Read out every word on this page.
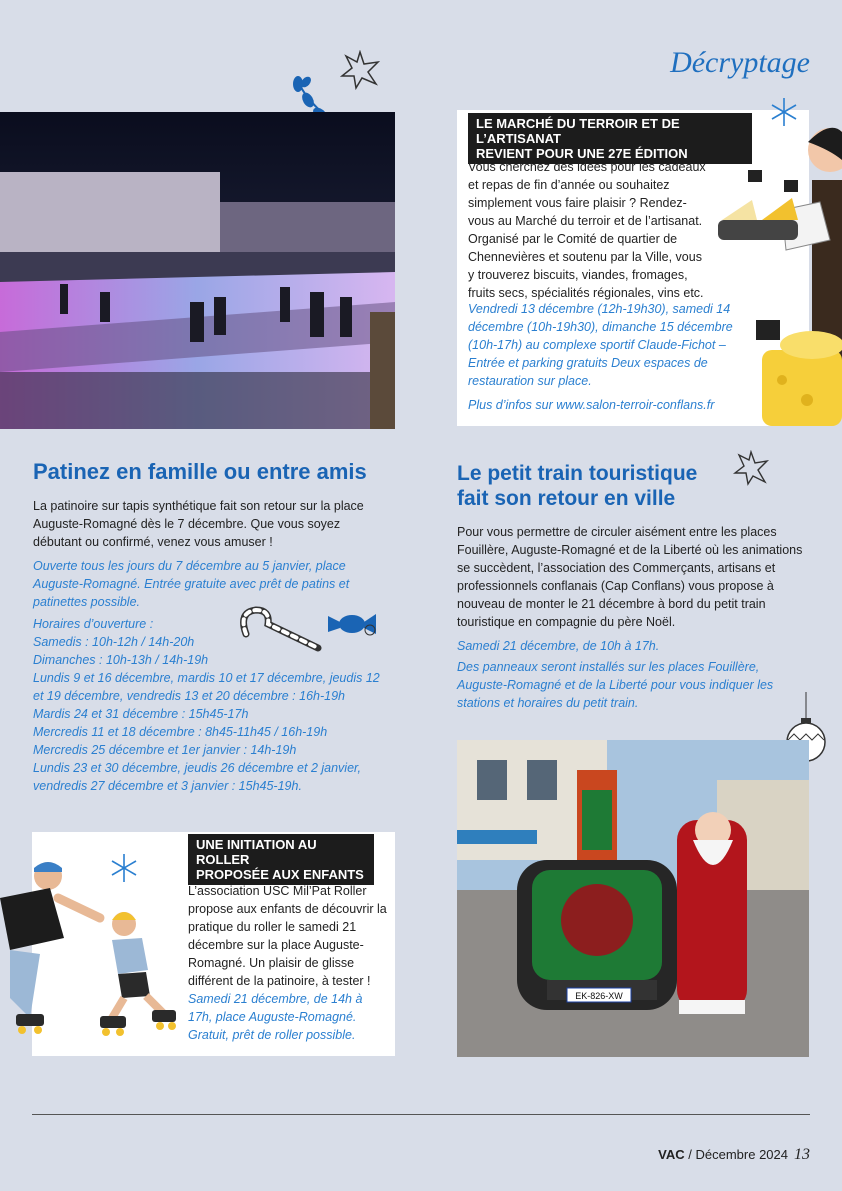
Décryptage
LE MARCHÉ DU TERROIR ET DE L’ARTISANAT
REVIENT POUR UNE 27E ÉDITION
Vous cherchez des idées pour les cadeaux et repas de fin d’année ou souhaitez simplement vous faire plaisir ? Rendez-vous au Marché du terroir et de l’artisanat. Organisé par le Comité de quartier de Chennevières et soutenu par la Ville, vous y trouverez biscuits, viandes, fromages, fruits secs, spécialités régionales, vins etc.
Vendredi 13 décembre (12h-19h30), samedi 14 décembre (10h-19h30), dimanche 15 décembre (10h-17h) au complexe sportif Claude-Fichot – Entrée et parking gratuits Deux espaces de restauration sur place.
Plus d’infos sur www.salon-terroir-conflans.fr
Patinez en famille ou entre amis
La patinoire sur tapis synthétique fait son retour sur la place Auguste-Romagné dès le 7 décembre. Que vous soyez débutant ou confirmé, venez vous amuser !
Ouverte tous les jours du 7 décembre au 5 janvier, place Auguste-Romagné. Entrée gratuite avec prêt de patins et patinettes possible.
Horaires d’ouverture :
Samedis : 10h-12h / 14h-20h
Dimanches : 10h-13h / 14h-19h
Lundis 9 et 16 décembre, mardis 10 et 17 décembre, jeudis 12 et 19 décembre, vendredis 13 et 20 décembre : 16h-19h
Mardis 24 et 31 décembre : 15h45-17h
Mercredis 11 et 18 décembre : 8h45-11h45 / 16h-19h
Mercredis 25 décembre et 1er janvier : 14h-19h
Lundis 23 et 30 décembre, jeudis 26 décembre et 2 janvier, vendredis 27 décembre et 3 janvier : 15h45-19h.
Le petit train touristique
fait son retour en ville
Pour vous permettre de circuler aisément entre les places Fouillère, Auguste-Romagné et de la Liberté où les animations se succèdent, l’association des Commerçants, artisans et professionnels conflanais (Cap Conflans) vous propose à nouveau de monter le 21 décembre à bord du petit train touristique en compagnie du père Noël.
Samedi 21 décembre, de 10h à 17h.
Des panneaux seront installés sur les places Fouillère, Auguste-Romagné et de la Liberté pour vous indiquer les stations et horaires du petit train.
EK-826-XW
UNE INITIATION AU ROLLER
PROPOSÉE AUX ENFANTS
L’association USC Mil’Pat Roller propose aux enfants de découvrir la pratique du roller le samedi 21 décembre sur la place Auguste-Romagné. Un plaisir de glisse différent de la patinoire, à tester !
Samedi 21 décembre, de 14h à 17h, place Auguste-Romagné. Gratuit, prêt de roller possible.
VAC / Décembre 2024 13
